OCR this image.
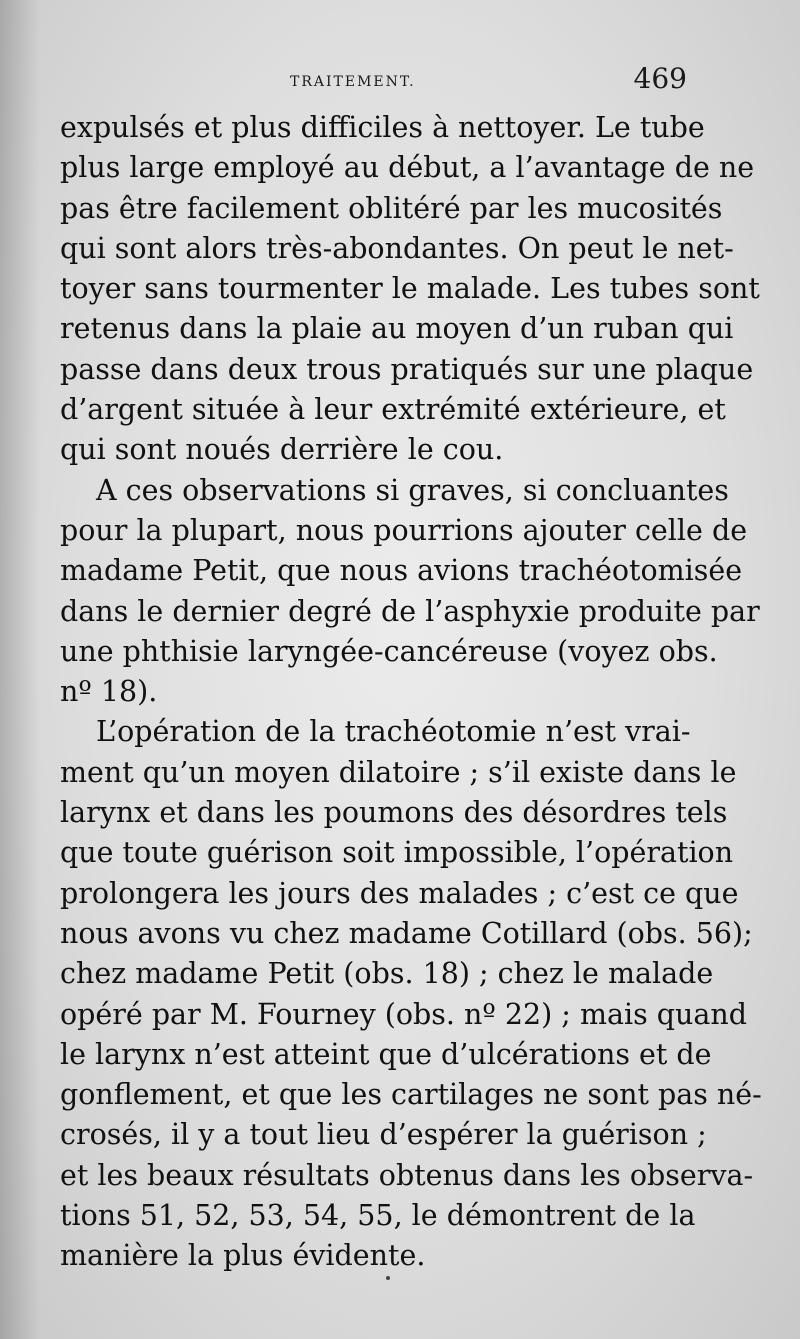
TRAITEMENT.	469
expulsés et plus difficiles à nettoyer. Le tube
plus large employé au début, a l’avantage de ne
pas être facilement oblitéré par les mucosités
qui sont alors très-abondantes. On peut le net-
toyer sans tourmenter le malade. Les tubes sont
retenus dans la plaie au moyen d’un ruban qui
passe dans deux trous pratiqués sur une plaque
d’argent située à leur extrémité extérieure, et
qui sont noués derrière le cou.
A ces observations si graves, si concluantes
pour la plupart, nous pourrions ajouter celle de
madame Petit, que nous avions trachéotomisée
dans le dernier degré de l’asphyxie produite par
une phthisie laryngée-cancéreuse (voyez obs.
nº 18).
L’opération de la trachéotomie n’est vrai-
ment qu’un moyen dilatoire ; s’il existe dans le
larynx et dans les poumons des désordres tels
que toute guérison soit impossible, l’opération
prolongera les jours des malades ; c’est ce que
nous avons vu chez madame Cotillard (obs. 56);
chez madame Petit (obs. 18) ; chez le malade
opéré par M. Fourney (obs. nº 22) ; mais quand
le larynx n’est atteint que d’ulcérations et de
gonflement, et que les cartilages ne sont pas né-
crosés, il y a tout lieu d’espérer la guérison ;
et les beaux résultats obtenus dans les observa-
tions 51, 52, 53, 54, 55, le démontrent de la
manière la plus évidente.
